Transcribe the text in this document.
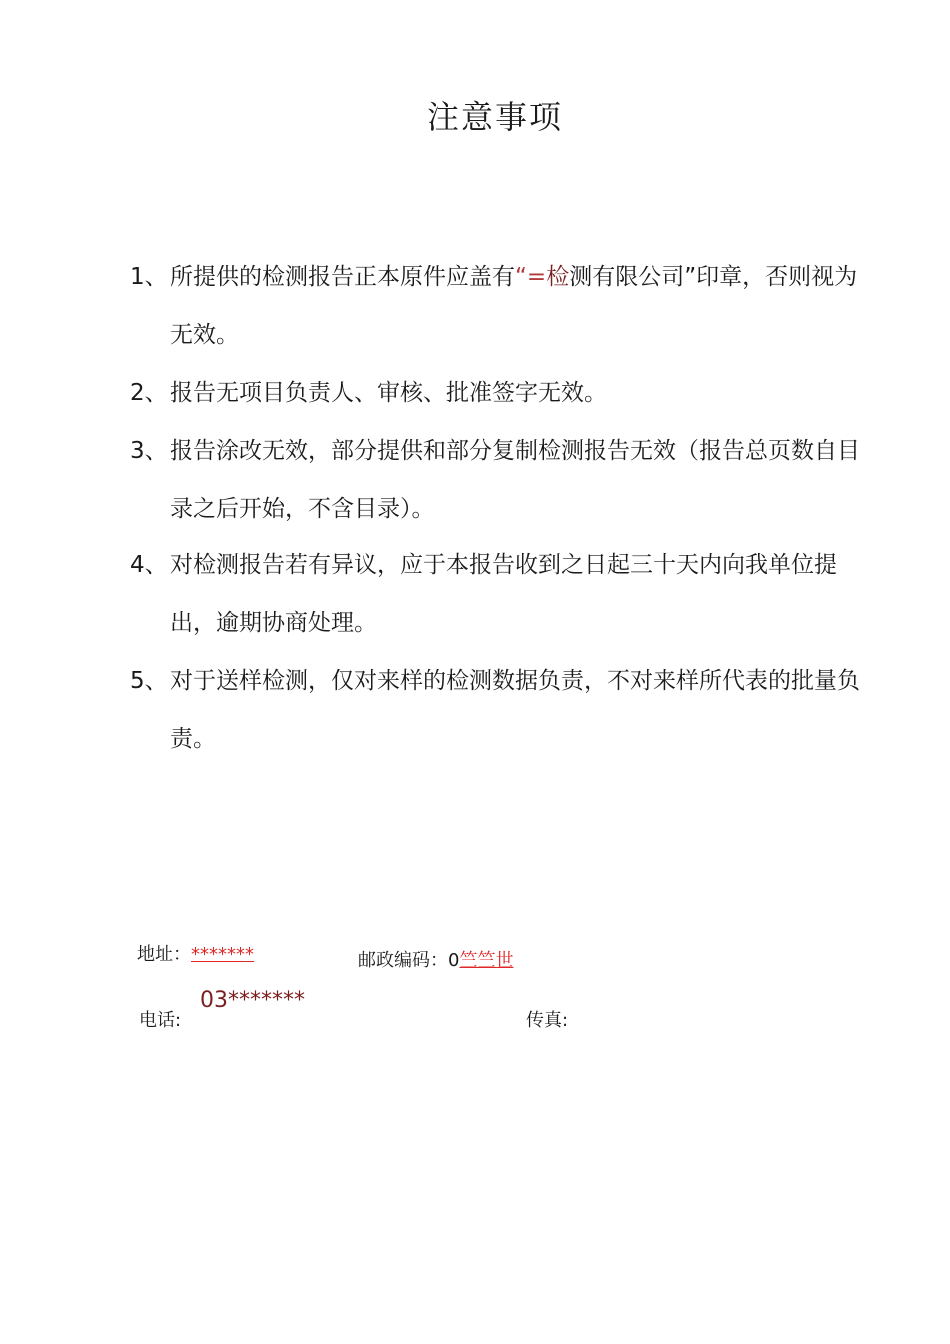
注意事项
1、 所提供的检测报告正本原件应盖有“=检测有限公司”印章，否则视为无效。
2、 报告无项目负责人、审核、批准签字无效。
3、 报告涂改无效，部分提供和部分复制检测报告无效（报告总页数自目录之后开始，不含目录）。
4、 对检测报告若有异议，应于本报告收到之日起三十天内向我单位提出，逾期协商处理。
5、 对于送样检测，仅对来样的检测数据负责，不对来样所代表的批量负责。
地址：*******	邮政编码：0竺竺世
电话:
03*******
传真:
